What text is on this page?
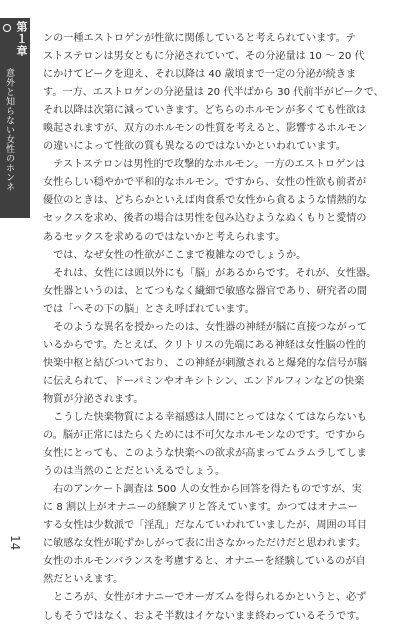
第１章
意外と知らない女性のホンネ
14

ンの一種エストロゲンが性欲に関係していると考えられています。テ

ストステロンは男女ともに分泌されていて、その分泌量は 10 〜 20 代

にかけてピークを迎え、それ以降は 40 歳頃まで一定の分泌が続きま

す。一方、エストロゲンの分泌量は 20 代半ばから 30 代前半がピークで、

それ以降は次第に減っていきます。どちらのホルモンが多くても性欲は

喚起されますが、双方のホルモンの性質を考えると、影響するホルモン

の違いによって性欲の質も異なるのではないかといわれています。

　テストステロンは男性的で攻撃的なホルモン。一方のエストロゲンは

女性らしい穏やかで平和的なホルモン。ですから、女性の性欲も前者が

優位のときは、どちらかといえば肉食系で女性から貪るような情熱的な

セックスを求め、後者の場合は男性を包み込むようなぬくもりと愛情の

あるセックスを求めるのではないかと考えられます。

　では、なぜ女性の性欲がここまで複雑なのでしょうか。

　それは、女性には頭以外にも「脳」があるからです。それが、女性器。

女性器というのは、とてつもなく繊細で敏感な器官であり、研究者の間

では「へその下の脳」とさえ呼ばれています。

　そのような異名を授かったのは、女性器の神経が脳に直接つながって

いるからです。たとえば、クリトリスの先端にある神経は女性脳の性的

快楽中枢と結びついており、この神経が刺激されると爆発的な信号が脳

に伝えられて、ドーパミンやオキシトシン、エンドルフィンなどの快楽

物質が分泌されます。

　こうした快楽物質による幸福感は人間にとってはなくてはならないも

の。脳が正常にはたらくためには不可欠なホルモンなのです。ですから

女性にとっても、このような快楽への欲求が高まってムラムラしてしま

うのは当然のことだといえるでしょう。

　右のアンケート調査は 500 人の女性から回答を得たものですが、実

に 8 割以上がオナニーの経験アリと答えています。かつてはオナニー

する女性は少数派で「淫乱」だなんていわれていましたが、周囲の耳目

に敏感な女性が恥ずかしがって表に出さなかっただけだと思われます。

女性のホルモンバランスを考慮すると、オナニーを経験しているのが自

然だといえます。

　ところが、女性がオナニーでオーガズムを得られるかというと、必ず

しもそうではなく、およそ半数はイケないまま終わっているそうです。
